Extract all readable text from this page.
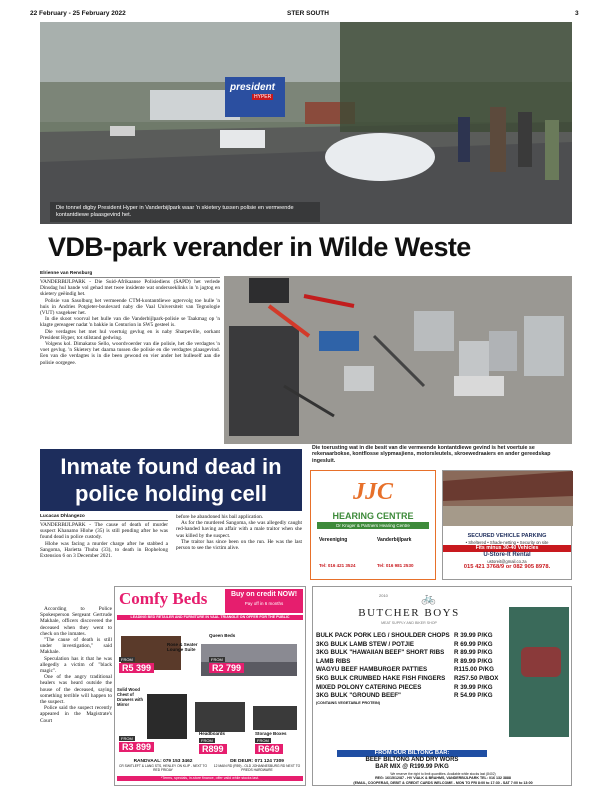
22 February - 25 February 2022	STER SOUTH	3
president
HYPER
Die tonnel digby President Hyper in Vanderbijlpark waar 'n skietery tussen polisie en vermeende kontantdiewe plaasgevind het.
VDB-park verander in Wilde Weste
Elrienne van Rensburg
VANDERBIJLPARK - Die Suid-Afrikaanse Polisiediens (SAPD) het verlede Dinsdag hul hande vol gehad met twee insidente wat ondersoeklinks in 'n jagtog en skietery geëindig het.
Polisie van Sasolburg het vermeende CTM-kontantdiewe agtervolg toe hulle 'n huis in Andries Potgieter-boulevard naby die Vaal Universiteit van Tegnologie (VUT) vasgekeer het.
In die skoot voorval het hulle van die Vanderbijlpark-polisie se Taakmag op 'n klagte gereageer nadat 'n bakkie in Centurion in SW5 gesteel is.
Die verdagtes het met hul voertuig gevlug en is naby Sharpeville, oorkant President Hyper, tot stilstand gedwing.
Volgens kol. Dimakatso Sello, woordvoerder van die polisie, het die verdagtes 'n voet gevlug. 'n Skietery het daarna tussen die polisie en die verdagtes plaasgevind. Een van die verdagtes is in die been gewond en vier ander het hulleself aan die polisie oorgegee.
Die toerusting wat in die besit van die vermeende kontantdiewe gevind is het voertuie se rekenaarbokse, kontflosse slypmasjiens, motorsleutels, skroewedraaiers en ander gereedskap ingesluit.
Inmate found dead in
police holding cell
Lucacas Dhlangezo
VANDERBIJLPARK - The cause of death of murder suspect Khanamo Hlohe (35) is still pending after he was found dead in police custody.
Hlohe was facing a murder charge after he stabbed a Sangoma, Harietta Thuba (33), to death in Bophelong Extension 6 on 3 December 2021.
According to Police Spokesperson Sergeant Gertrude Makhale, officers discovered the deceased when they went to check on the inmates.
"The cause of death is still under investigation," said Makhale.
Speculation has it that he was allegedly a victim of "black magic".
One of the angry traditional healers was heard outside the house of the deceased, saying something terrible will happen to the suspect.
Police said the suspect recently appeared in the Magistrate's Court
before he abandoned his bail application.
As for the murdered Sangoma, she was allegedly caught red-handed having an affair with a male traitor when she was killed by the suspect.
The traitor has since been on the run. He was the last person to see the victim alive.
JJC
HEARING CENTRE
Dr Kruger & Partners Hearing Centre
Vereeniging	Vanderbijlpark
Tel: 016 421 3524	Tel: 016 981 2530
SECURED VEHICLE PARKING
• Sheltered • Shade-netting • Security on site
Fits minus 30-40 Vehicles
U-Store-It Rental
ustoreit@gmail.co.za
015 421 3768/9 or 082 905 8978.
Comfy Beds	Buy on credit NOW!
Pay off in 6 months
LEADING BED RETAILER AND FURNITURE IN VAAL TRIANGLE ON OFFER FOR THE PUBLIC
Rose & Seater Lounge Suite
FROM
R5 399
Queen Beds
FROM
R2 799
Solid Wood Chest of Drawers with Mirror
FROM
R3 899
Headboards
FROM
R899
Storage Boxes
FROM
R649
RANDVAAL: 079 153 3462
CR SWITLEFT & LANG STS, HENLEY ON KLIP - NEXT TO RED FRIDAY
DE DEUR: 071 124 7309
12 MAIN RD (R59) - OLD JOHANNESBURG RD NEXT TO PREDS HARDWARE
*Terms, specials, in-store finance, offer valid while stocks last.
🚲
2010
BUTCHER BOYS
MEAT SUPPLY AND BIKER SHOP
BULK PACK PORK LEG / SHOULDER CHOPS R 39.99 P/KG
3KG BULK LAMB STEW / POTJIE	R 69.99 P/KG
3KG BULK "HAWAIIAN BEEF" SHORT RIBS R 89.99 P/KG
LAMB RIBS	R 89.99 P/KG
WAGYU BEEF HAMBURGER PATTIES	R115.00 P/KG
5KG BULK CRUMBED HAKE FISH FINGERS R257.50 P/BOX
MIXED POLONY CATERING PIECES	R 39.99 P/KG
3KG BULK "GROUND BEEF"	R 54.99 P/KG
(CONTAINS VEGETABLE PROTEIN)
FROM OUR BILTONG BAR:
BEEF BILTONG AND DRY WORS
BAR MIX @ R199.99 P/KG
We reserve the right to limit quantities. Available while stocks last (8402)
REG: 16/15/12/87 - HV VIALK & BRAHMS, VANDERBIJLPARK TEL: 016 132 3888
(EMAIL, COOPERAS, DEBIT & CREDIT CARDS WELCOME - MON TO FRI 8:00 to 17:30 - SAT 7:00 to 13:00
